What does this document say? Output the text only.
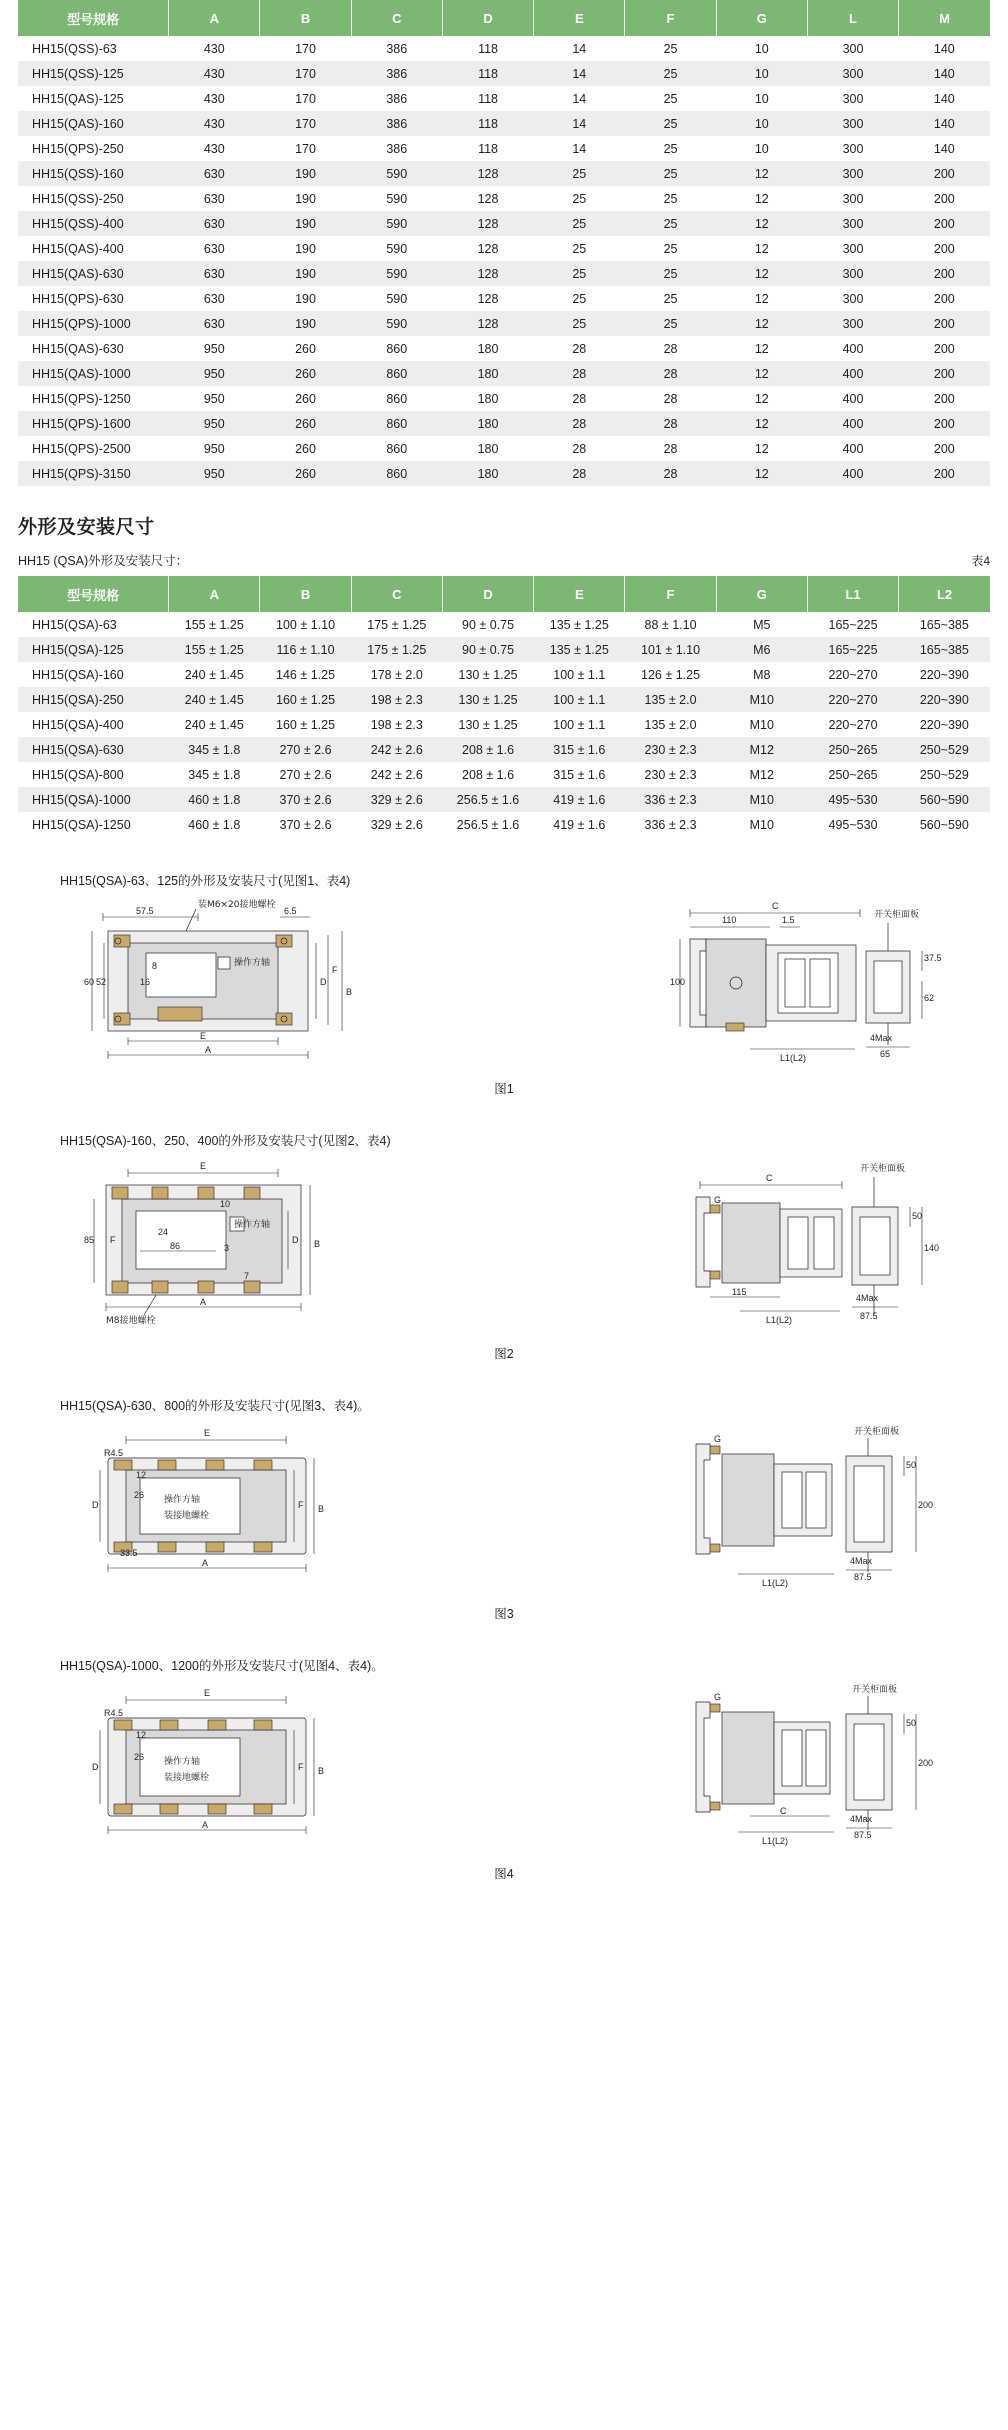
型号规格	A	B	C	D	E	F	G	L	M
HH15(QSS)-63	430	170	386	118	14	25	10	300	140
HH15(QSS)-125	430	170	386	118	14	25	10	300	140
HH15(QAS)-125	430	170	386	118	14	25	10	300	140
HH15(QAS)-160	430	170	386	118	14	25	10	300	140
HH15(QPS)-250	430	170	386	118	14	25	10	300	140
HH15(QSS)-160	630	190	590	128	25	25	12	300	200
HH15(QSS)-250	630	190	590	128	25	25	12	300	200
HH15(QSS)-400	630	190	590	128	25	25	12	300	200
HH15(QAS)-400	630	190	590	128	25	25	12	300	200
HH15(QAS)-630	630	190	590	128	25	25	12	300	200
HH15(QPS)-630	630	190	590	128	25	25	12	300	200
HH15(QPS)-1000	630	190	590	128	25	25	12	300	200
HH15(QAS)-630	950	260	860	180	28	28	12	400	200
HH15(QAS)-1000	950	260	860	180	28	28	12	400	200
HH15(QPS)-1250	950	260	860	180	28	28	12	400	200
HH15(QPS)-1600	950	260	860	180	28	28	12	400	200
HH15(QPS)-2500	950	260	860	180	28	28	12	400	200
HH15(QPS)-3150	950	260	860	180	28	28	12	400	200
外形及安装尺寸
HH15 (QSA)外形及安装尺寸：	表4
型号规格	A	B	C	D	E	F	G	L1	L2
HH15(QSA)-63	155 ± 1.25	100 ± 1.10	175 ± 1.25	90 ± 0.75	135 ± 1.25	88 ± 1.10	M5	165~225	165~385
HH15(QSA)-125	155 ± 1.25	116 ± 1.10	175 ± 1.25	90 ± 0.75	135 ± 1.25	101 ± 1.10	M6	165~225	165~385
HH15(QSA)-160	240 ± 1.45	146 ± 1.25	178 ± 2.0	130 ± 1.25	100 ± 1.1	126 ± 1.25	M8	220~270	220~390
HH15(QSA)-250	240 ± 1.45	160 ± 1.25	198 ± 2.3	130 ± 1.25	100 ± 1.1	135 ± 2.0	M10	220~270	220~390
HH15(QSA)-400	240 ± 1.45	160 ± 1.25	198 ± 2.3	130 ± 1.25	100 ± 1.1	135 ± 2.0	M10	220~270	220~390
HH15(QSA)-630	345 ± 1.8	270 ± 2.6	242 ± 2.6	208 ± 1.6	315 ± 1.6	230 ± 2.3	M12	250~265	250~529
HH15(QSA)-800	345 ± 1.8	270 ± 2.6	242 ± 2.6	208 ± 1.6	315 ± 1.6	230 ± 2.3	M12	250~265	250~529
HH15(QSA)-1000	460 ± 1.8	370 ± 2.6	329 ± 2.6	256.5 ± 1.6	419 ± 1.6	336 ± 2.3	M10	495~530	560~590
HH15(QSA)-1250	460 ± 1.8	370 ± 2.6	329 ± 2.6	256.5 ± 1.6	419 ± 1.6	336 ± 2.3	M10	495~530	560~590
HH15(QSA)-63、125的外形及安装尺寸(见图1、表4)
57.5	6.5
装M6×20接地螺栓
操作方轴
60 52
8
16	D
F
B
E
A
C
110	1.5
100
开关柜面板
37.5
62
4Max
65
L1(L2)
图1
HH15(QSA)-160、250、400的外形及安装尺寸(见图2、表4)
E
10
24
操作方轴
86	3
7
85 F	D B
A
M8接地螺栓
C
G
开关柜面板
50
140
115
4Max
87.5
L1(L2)
图2
HH15(QSA)-630、800的外形及安装尺寸(见图3、表4)。
E
R4.5
12
26 操作方轴
装接地螺栓
33.5
D	F B
A
G
开关柜面板
50
200
4Max
87.5
L1(L2)
图3
HH15(QSA)-1000、1200的外形及安装尺寸(见图4、表4)。
E
R4.5
12
26 操作方轴
装接地螺栓
D	F B
A
G
开关柜面板
50
200
4Max
87.5
C
L1(L2)
图4
